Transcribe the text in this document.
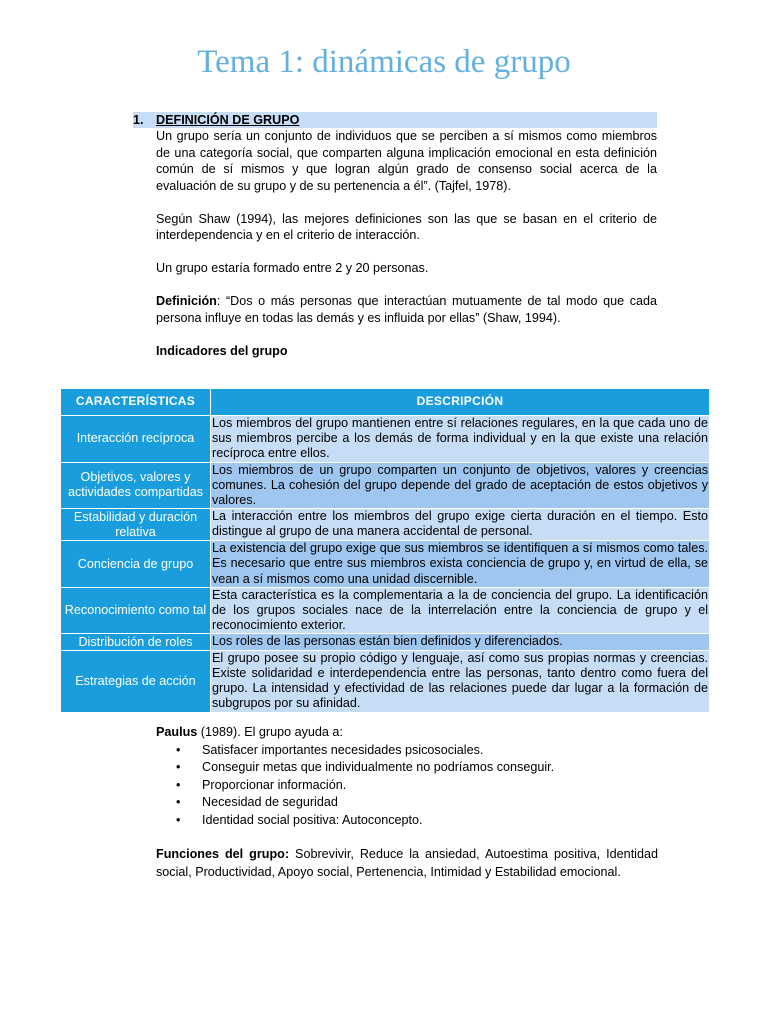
Tema 1: dinámicas de grupo
1. DEFINICIÓN DE GRUPO

Un grupo sería un conjunto de individuos que se perciben a sí mismos como miembros de una categoría social, que comparten alguna implicación emocional en esta definición común de sí mismos y que logran algún grado de consenso social acerca de la evaluación de su grupo y de su pertenencia a él”. (Tajfel, 1978).

Según Shaw (1994), las mejores definiciones son las que se basan en el criterio de interdependencia y en el criterio de interacción.

Un grupo estaría formado entre 2 y 20 personas.

Definición: “Dos o más personas que interactúan mutuamente de tal modo que cada persona influye en todas las demás y es influida por ellas” (Shaw, 1994).

Indicadores del grupo

CARACTERÍSTICAS	DESCRIPCIÓN
Interacción recíproca	Los miembros del grupo mantienen entre sí relaciones regulares, en la que cada uno de sus miembros percibe a los demás de forma individual y en la que existe una relación recíproca entre ellos.
Objetivos, valores y actividades compartidas	Los miembros de un grupo comparten un conjunto de objetivos, valores y creencias comunes. La cohesión del grupo depende del grado de aceptación de estos objetivos y valores.
Estabilidad y duración relativa	La interacción entre los miembros del grupo exige cierta duración en el tiempo. Esto distingue al grupo de una manera accidental de personal.
Conciencia de grupo	La existencia del grupo exige que sus miembros se identifiquen a sí mismos como tales. Es necesario que entre sus miembros exista conciencia de grupo y, en virtud de ella, se vean a sí mismos como una unidad discernible.
Reconocimiento como tal	Esta característica es la complementaria a la de conciencia del grupo. La identificación de los grupos sociales nace de la interrelación entre la conciencia de grupo y el reconocimiento exterior.
Distribución de roles	Los roles de las personas están bien definidos y diferenciados.
Estrategias de acción	El grupo posee su propio código y lenguaje, así como sus propias normas y creencias. Existe solidaridad e interdependencia entre las personas, tanto dentro como fuera del grupo. La intensidad y efectividad de las relaciones puede dar lugar a la formación de subgrupos por su afinidad.

Paulus (1989). El grupo ayuda a:

• Satisfacer importantes necesidades psicosociales.
• Conseguir metas que individualmente no podríamos conseguir.
• Proporcionar información.
• Necesidad de seguridad
• Identidad social positiva: Autoconcepto.

Funciones del grupo: Sobrevivir, Reduce la ansiedad, Autoestima positiva, Identidad social, Productividad, Apoyo social, Pertenencia, Intimidad y Estabilidad emocional.
